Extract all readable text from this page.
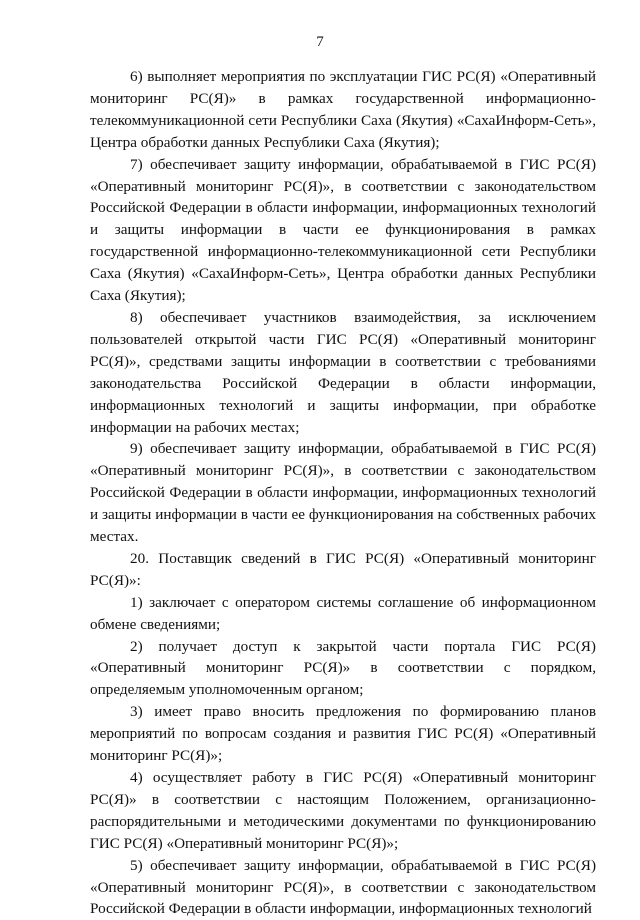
7

6) выполняет мероприятия по эксплуатации ГИС РС(Я) «Оперативный мониторинг РС(Я)» в рамках государственной информационно-телекоммуникационной сети Республики Саха (Якутия) «СахаИнформ-Сеть», Центра обработки данных Республики Саха (Якутия);

7) обеспечивает защиту информации, обрабатываемой в ГИС РС(Я) «Оперативный мониторинг РС(Я)», в соответствии с законодательством Российской Федерации в области информации, информационных технологий и защиты информации в части ее функционирования в рамках государственной информационно-телекоммуникационной сети Республики Саха (Якутия) «СахаИнформ-Сеть», Центра обработки данных Республики Саха (Якутия);

8) обеспечивает участников взаимодействия, за исключением пользователей открытой части ГИС РС(Я) «Оперативный мониторинг РС(Я)», средствами защиты информации в соответствии с требованиями законодательства Российской Федерации в области информации, информационных технологий и защиты информации, при обработке информации на рабочих местах;

9) обеспечивает защиту информации, обрабатываемой в ГИС РС(Я) «Оперативный мониторинг РС(Я)», в соответствии с законодательством Российской Федерации в области информации, информационных технологий и защиты информации в части ее функционирования на собственных рабочих местах.

20. Поставщик сведений в ГИС РС(Я) «Оперативный мониторинг РС(Я)»:

1) заключает с оператором системы соглашение об информационном обмене сведениями;

2) получает доступ к закрытой части портала ГИС РС(Я) «Оперативный мониторинг РС(Я)» в соответствии с порядком, определяемым уполномоченным органом;

3) имеет право вносить предложения по формированию планов мероприятий по вопросам создания и развития ГИС РС(Я) «Оперативный мониторинг РС(Я)»;

4) осуществляет работу в ГИС РС(Я) «Оперативный мониторинг РС(Я)» в соответствии с настоящим Положением, организационно-распорядительными и методическими документами по функционированию ГИС РС(Я) «Оперативный мониторинг РС(Я)»;

5) обеспечивает защиту информации, обрабатываемой в ГИС РС(Я) «Оперативный мониторинг РС(Я)», в соответствии с законодательством Российской Федерации в области информации, информационных технологий
